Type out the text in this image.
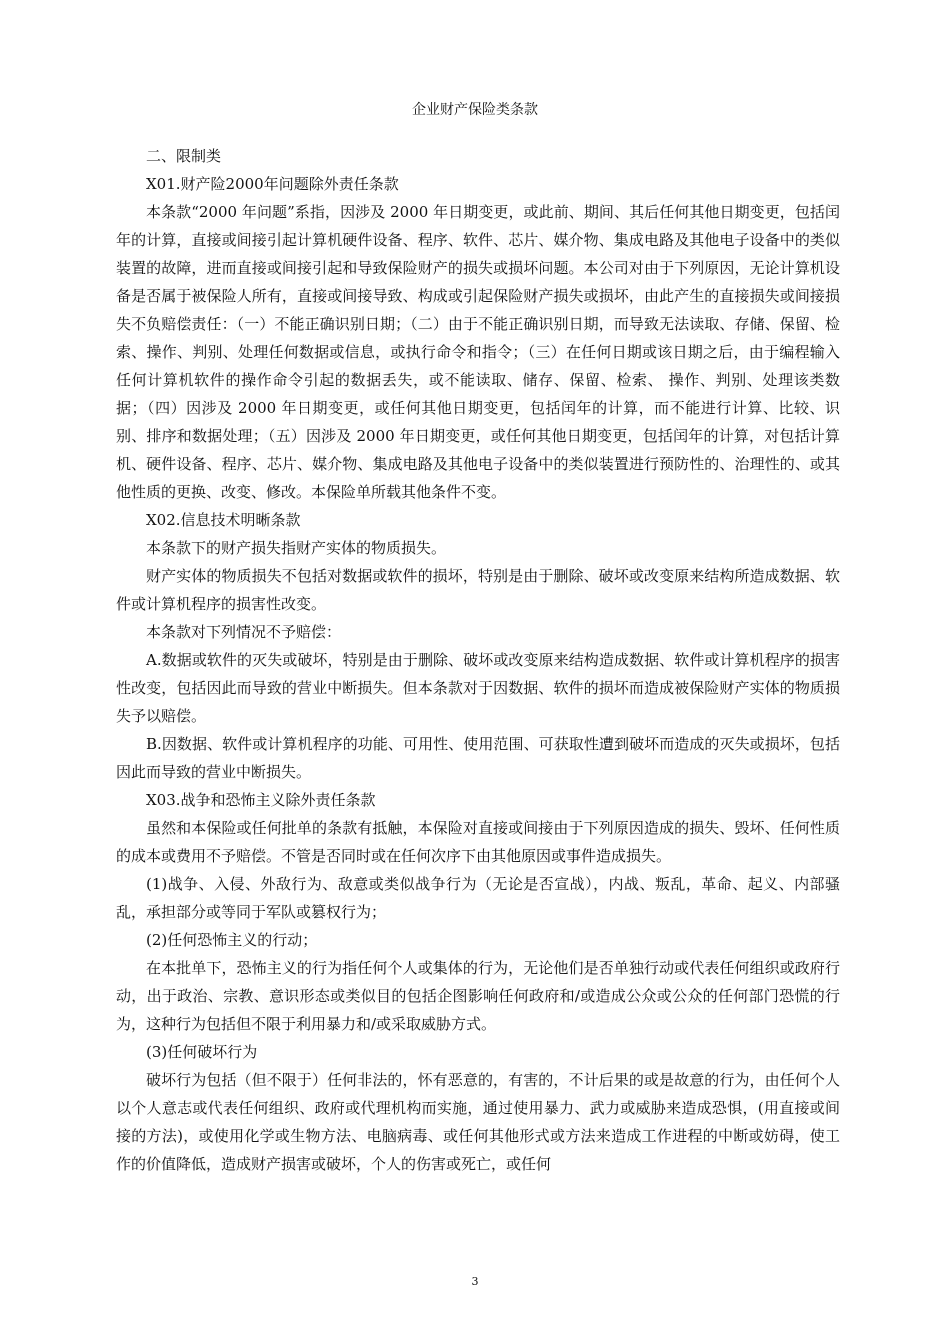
企业财产保险类条款

二、限制类

X01.财产险2000年问题除外责任条款

本条款“2000 年问题”系指，因涉及 2000 年日期变更，或此前、期间、其后任何其他日期变更，包括闰年的计算，直接或间接引起计算机硬件设备、程序、软件、芯片、媒介物、集成电路及其他电子设备中的类似装置的故障，进而直接或间接引起和导致保险财产的损失或损坏问题。本公司对由于下列原因，无论计算机设备是否属于被保险人所有，直接或间接导致、构成或引起保险财产损失或损坏，由此产生的直接损失或间接损失不负赔偿责任：（一）不能正确识别日期；（二）由于不能正确识别日期，而导致无法读取、存储、保留、检索、操作、判别、处理任何数据或信息，或执行命令和指令；（三）在任何日期或该日期之后，由于编程输入任何计算机软件的操作命令引起的数据丢失，或不能读取、储存、保留、检索、 操作、判别、处理该类数据；（四）因涉及 2000 年日期变更，或任何其他日期变更，包括闰年的计算，而不能进行计算、比较、识别、排序和数据处理；（五）因涉及 2000 年日期变更，或任何其他日期变更，包括闰年的计算，对包括计算机、硬件设备、程序、芯片、媒介物、集成电路及其他电子设备中的类似装置进行预防性的、治理性的、或其他性质的更换、改变、修改。本保险单所载其他条件不变。

X02.信息技术明晰条款

本条款下的财产损失指财产实体的物质损失。

财产实体的物质损失不包括对数据或软件的损坏，特别是由于删除、破坏或改变原来结构所造成数据、软件或计算机程序的损害性改变。

本条款对下列情况不予赔偿：

A.数据或软件的灭失或破坏，特别是由于删除、破坏或改变原来结构造成数据、软件或计算机程序的损害性改变，包括因此而导致的营业中断损失。但本条款对于因数据、软件的损坏而造成被保险财产实体的物质损失予以赔偿。

B.因数据、软件或计算机程序的功能、可用性、使用范围、可获取性遭到破坏而造成的灭失或损坏，包括因此而导致的营业中断损失。

X03.战争和恐怖主义除外责任条款

虽然和本保险或任何批单的条款有抵触，本保险对直接或间接由于下列原因造成的损失、毁坏、任何性质的成本或费用不予赔偿。不管是否同时或在任何次序下由其他原因或事件造成损失。

(1)战争、入侵、外敌行为、敌意或类似战争行为（无论是否宣战），内战、叛乱，革命、起义、内部骚乱，承担部分或等同于军队或篡权行为；

(2)任何恐怖主义的行动；

在本批单下，恐怖主义的行为指任何个人或集体的行为，无论他们是否单独行动或代表任何组织或政府行动，出于政治、宗教、意识形态或类似目的包括企图影响任何政府和/或造成公众或公众的任何部门恐慌的行为，这种行为包括但不限于利用暴力和/或采取威胁方式。

(3)任何破坏行为

破坏行为包括（但不限于）任何非法的，怀有恶意的，有害的，不计后果的或是故意的行为，由任何个人以个人意志或代表任何组织、政府或代理机构而实施，通过使用暴力、武力或威胁来造成恐惧，(用直接或间接的方法)，或使用化学或生物方法、电脑病毒、或任何其他形式或方法来造成工作进程的中断或妨碍，使工作的价值降低，造成财产损害或破坏，个人的伤害或死亡，或任何

3
